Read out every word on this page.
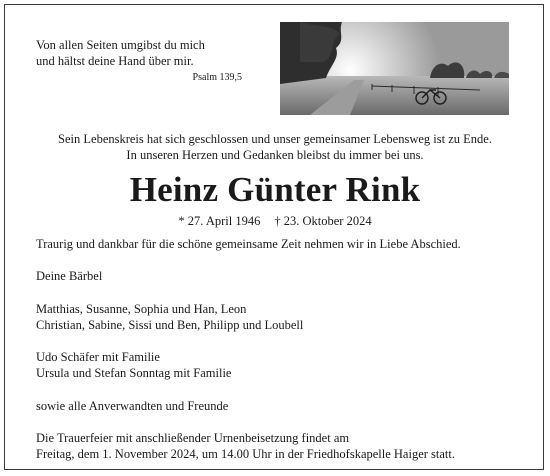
Von allen Seiten umgibst du mich
und hältst deine Hand über mir.
Psalm 139,5
Sein Lebenskreis hat sich geschlossen und unser gemeinsamer Lebensweg ist zu Ende.
In unseren Herzen und Gedanken bleibst du immer bei uns.
Heinz Günter Rink
* 27. April 1946 † 23. Oktober 2024
Traurig und dankbar für die schöne gemeinsame Zeit nehmen wir in Liebe Abschied.
Deine Bärbel
Matthias, Susanne, Sophia und Han, Leon
Christian, Sabine, Sissi und Ben, Philipp und Loubell
Udo Schäfer mit Familie
Ursula und Stefan Sonntag mit Familie
sowie alle Anverwandten und Freunde
Die Trauerfeier mit anschließender Urnenbeisetzung findet am
Freitag, dem 1. November 2024, um 14.00 Uhr in der Friedhofskapelle Haiger statt.
